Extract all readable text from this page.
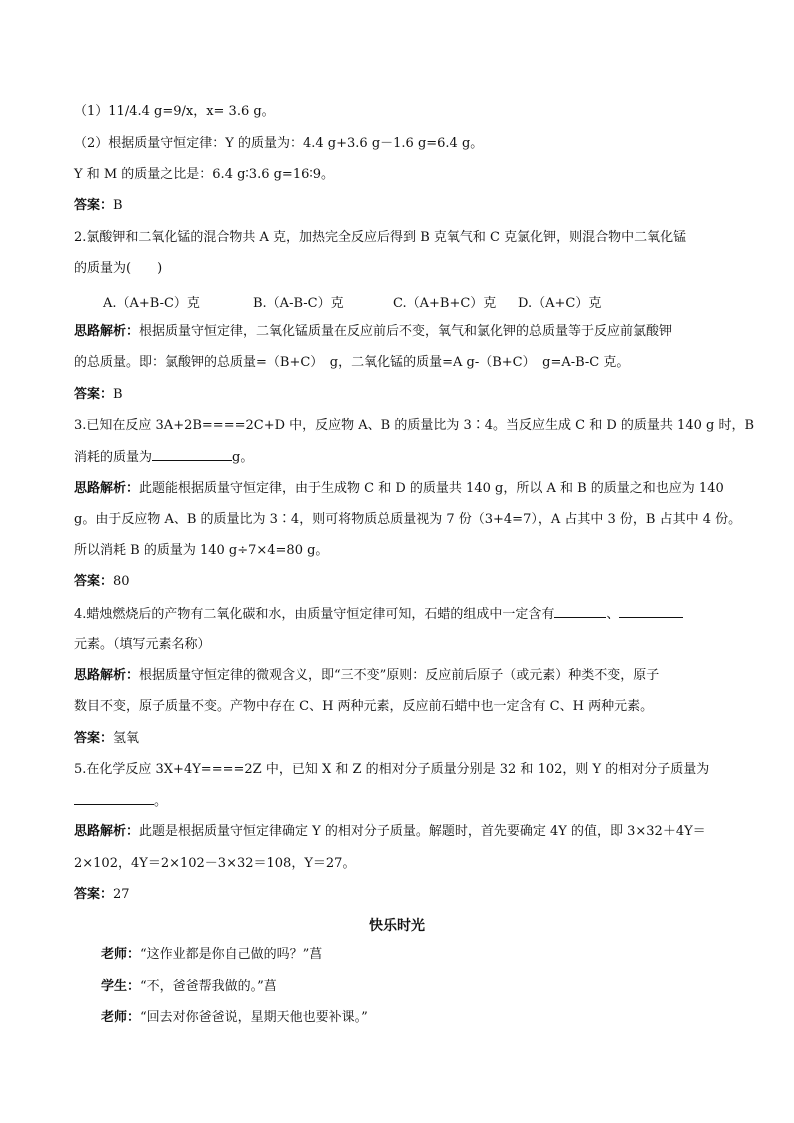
（1）11/4.4 g=9/x，x= 3.6 g。
（2）根据质量守恒定律：Y 的质量为：4.4 g+3.6 g－1.6 g=6.4 g。
Y 和 M 的质量之比是：6.4 g∶3.6 g=16∶9。
答案：B
2.氯酸钾和二氧化锰的混合物共 A 克，加热完全反应后得到 B 克氧气和 C 克氯化钾，则混合物中二氧化锰
的质量为(　　)
A.（A+B-C）克	B.（A-B-C）克	C.（A+B+C）克 D.（A+C）克
思路解析：根据质量守恒定律，二氧化锰质量在反应前后不变，氧气和氯化钾的总质量等于反应前氯酸钾
的总质量。即：氯酸钾的总质量=（B+C）　g，二氧化锰的质量=A g-（B+C）　g=A-B-C 克。
答案：B
3.已知在反应 3A+2B====2C+D 中，反应物 A、B 的质量比为 3∶4。当反应生成 C 和 D 的质量共 140 g 时，B
消耗的质量为	g。
思路解析：此题能根据质量守恒定律，由于生成物 C 和 D 的质量共 140 g，所以 A 和 B 的质量之和也应为 140
g。由于反应物 A、B 的质量比为 3∶4，则可将物质总质量视为 7 份（3+4=7），A 占其中 3 份，B 占其中 4 份。
所以消耗 B 的质量为 140 g÷7×4=80 g。
答案：80
4.蜡烛燃烧后的产物有二氧化碳和水，由质量守恒定律可知，石蜡的组成中一定含有	、
元素。（填写元素名称）
思路解析：根据质量守恒定律的微观含义，即“三不变”原则：反应前后原子（或元素）种类不变，原子
数目不变，原子质量不变。产物中存在 C、H 两种元素，反应前石蜡中也一定含有 C、H 两种元素。
答案：氢氧
5.在化学反应 3X+4Y====2Z 中，已知 X 和 Z 的相对分子质量分别是 32 和 102，则 Y 的相对分子质量为
。
思路解析：此题是根据质量守恒定律确定 Y 的相对分子质量。解题时，首先要确定 4Y 的值，即 3×32＋4Y＝
2×102，4Y＝2×102－3×32＝108，Y＝27。
答案：27
快乐时光
老师：“这作业都是你自己做的吗？”菖
学生：“不，爸爸帮我做的。”菖
老师：“回去对你爸爸说，星期天他也要补课。”
